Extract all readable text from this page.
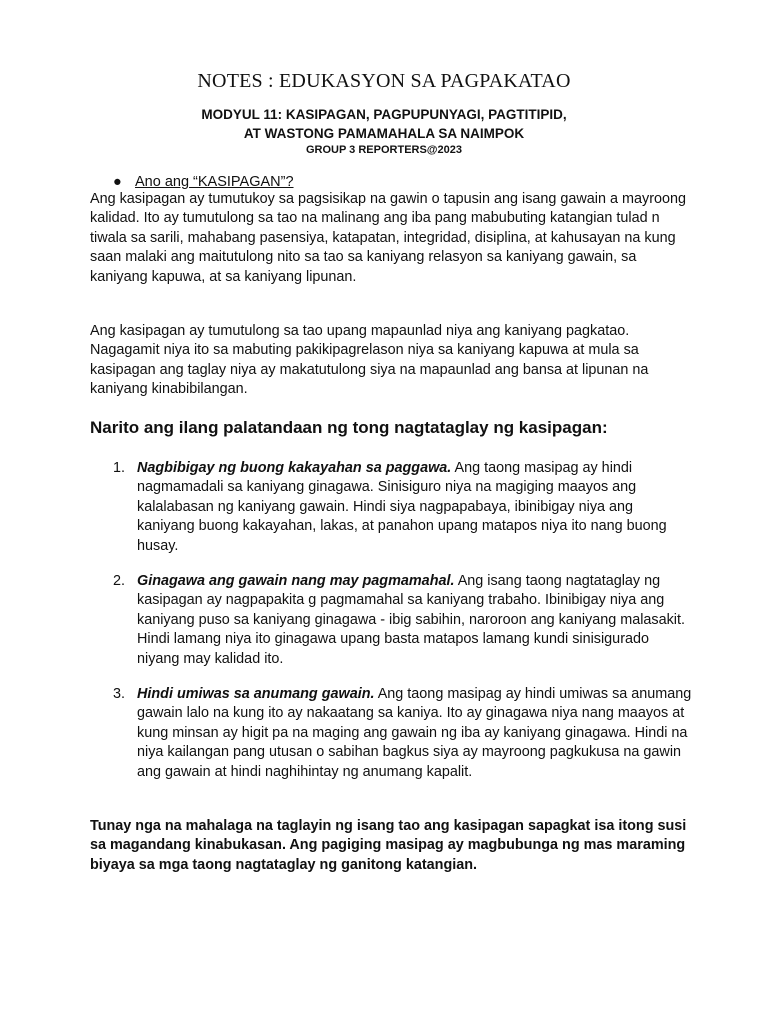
NOTES : EDUKASYON SA PAGPAKATAO
MODYUL 11: KASIPAGAN, PAGPUPUNYAGI, PAGTITIPID,
AT WASTONG PAMAMAHALA SA NAIMPOK
GROUP 3 REPORTERS@2023
● Ano ang “KASIPAGAN”?
Ang kasipagan ay tumutukoy sa pagsisikap na gawin o tapusin ang isang gawain a mayroong kalidad. Ito ay tumutulong sa tao na malinang ang iba pang mabubuting katangian tulad n tiwala sa sarili, mahabang pasensiya, katapatan, integridad, disiplina, at kahusayan na kung saan malaki ang maitutulong nito sa tao sa kaniyang relasyon sa kaniyang gawain, sa kaniyang kapuwa, at sa kaniyang lipunan.
Ang kasipagan ay tumutulong sa tao upang mapaunlad niya ang kaniyang pagkatao. Nagagamit niya ito sa mabuting pakikipagrelason niya sa kaniyang kapuwa at mula sa kasipagan ang taglay niya ay makatutulong siya na mapaunlad ang bansa at lipunan na kaniyang kinabibilangan.
Narito ang ilang palatandaan ng tong nagtataglay ng kasipagan:
1. Nagbibigay ng buong kakayahan sa paggawa. Ang taong masipag ay hindi nagmamadali sa kaniyang ginagawa. Sinisiguro niya na magiging maayos ang kalalabasan ng kaniyang gawain. Hindi siya nagpapabaya, ibinibigay niya ang kaniyang buong kakayahan, lakas, at panahon upang matapos niya ito nang buong husay.
2. Ginagawa ang gawain nang may pagmamahal. Ang isang taong nagtataglay ng kasipagan ay nagpapakita g pagmamahal sa kaniyang trabaho. Ibinibigay niya ang kaniyang puso sa kaniyang ginagawa - ibig sabihin, naroroon ang kaniyang malasakit. Hindi lamang niya ito ginagawa upang basta matapos lamang kundi sinisigurado niyang may kalidad ito.
3. Hindi umiwas sa anumang gawain. Ang taong masipag ay hindi umiwas sa anumang gawain lalo na kung ito ay nakaatang sa kaniya. Ito ay ginagawa niya nang maayos at kung minsan ay higit pa na maging ang gawain ng iba ay kaniyang ginagawa. Hindi na niya kailangan pang utusan o sabihan bagkus siya ay mayroong pagkukusa na gawin ang gawain at hindi naghihintay ng anumang kapalit.
Tunay nga na mahalaga na taglayin ng isang tao ang kasipagan sapagkat isa itong susi sa magandang kinabukasan. Ang pagiging masipag ay magbubunga ng mas maraming biyaya sa mga taong nagtataglay ng ganitong katangian.
